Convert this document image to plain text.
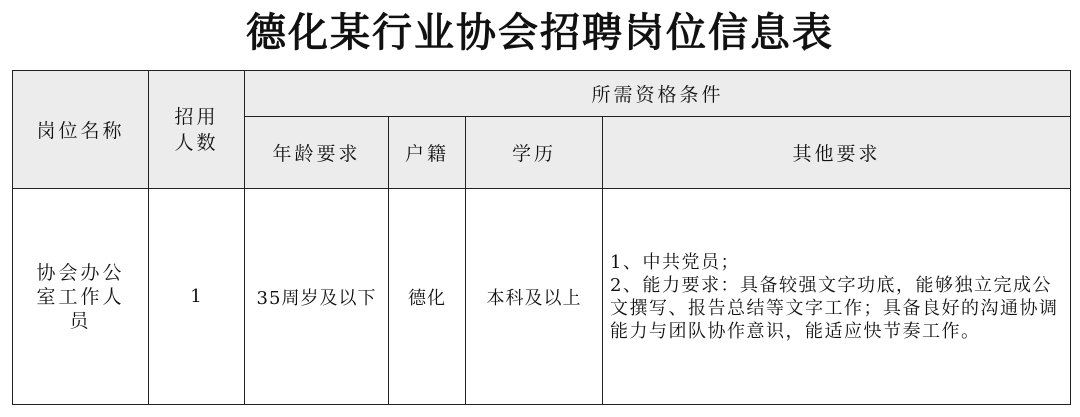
德化某行业协会招聘岗位信息表
岗位名称	招用人数	所需资格条件			
		年龄要求	户籍	学历	其他要求
协会办公室工作人员	1	35周岁及以下	德化	本科及以上	1、中共党员；
2、能力要求：具备较强文字功底，能够独立完成公文撰写、报告总结等文字工作；具备良好的沟通协调能力与团队协作意识，能适应快节奏工作。
